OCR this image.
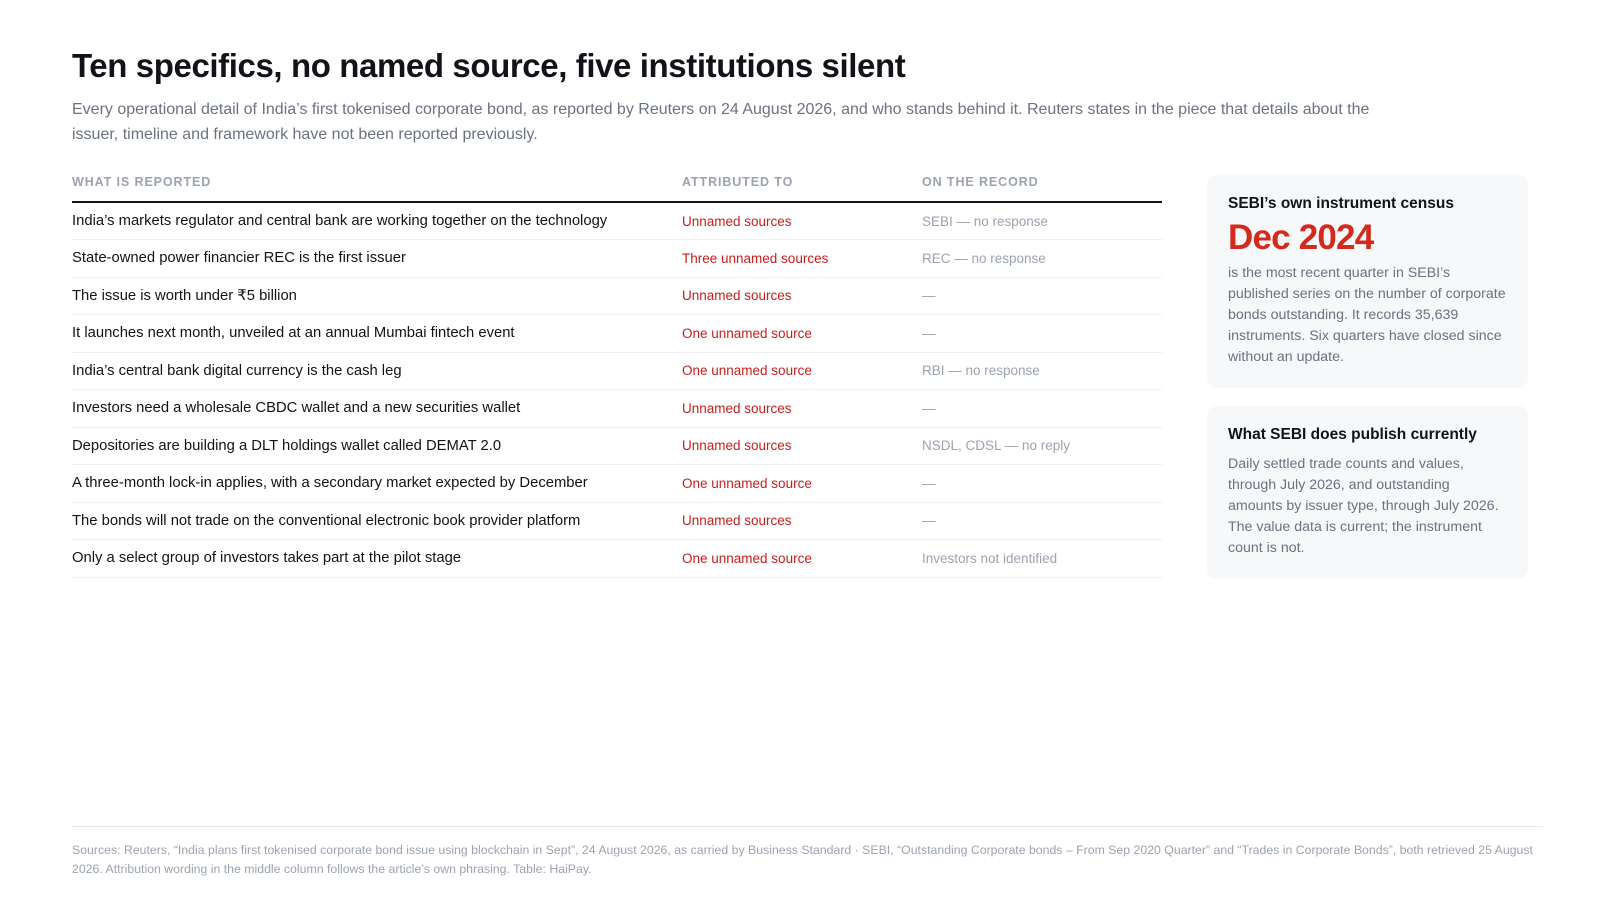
Ten specifics, no named source, five institutions silent

Every operational detail of India’s first tokenised corporate bond, as reported by Reuters on 24 August 2026, and who stands behind it. Reuters states in the piece that details about the issuer, timeline and framework have not been reported previously.

WHAT IS REPORTED	ATTRIBUTED TO	ON THE RECORD
India’s markets regulator and central bank are working together on the technology	Unnamed sources	SEBI — no response
State-owned power financier REC is the first issuer	Three unnamed sources	REC — no response
The issue is worth under ₹5 billion	Unnamed sources	—
It launches next month, unveiled at an annual Mumbai fintech event	One unnamed source	—
India’s central bank digital currency is the cash leg	One unnamed source	RBI — no response
Investors need a wholesale CBDC wallet and a new securities wallet	Unnamed sources	—
Depositories are building a DLT holdings wallet called DEMAT 2.0	Unnamed sources	NSDL, CDSL — no reply
A three-month lock-in applies, with a secondary market expected by December	One unnamed source	—
The bonds will not trade on the conventional electronic book provider platform	Unnamed sources	—
Only a select group of investors takes part at the pilot stage	One unnamed source	Investors not identified
SEBI’s own instrument census
Dec 2024
is the most recent quarter in SEBI’s published series on the number of corporate bonds outstanding. It records 35,639 instruments. Six quarters have closed since without an update.
What SEBI does publish currently
Daily settled trade counts and values, through July 2026, and outstanding amounts by issuer type, through July 2026. The value data is current; the instrument count is not.
Sources: Reuters, “India plans first tokenised corporate bond issue using blockchain in Sept”, 24 August 2026, as carried by Business Standard · SEBI, “Outstanding Corporate bonds – From Sep 2020 Quarter” and “Trades in Corporate Bonds”, both retrieved 25 August 2026. Attribution wording in the middle column follows the article’s own phrasing. Table: HaiPay.
